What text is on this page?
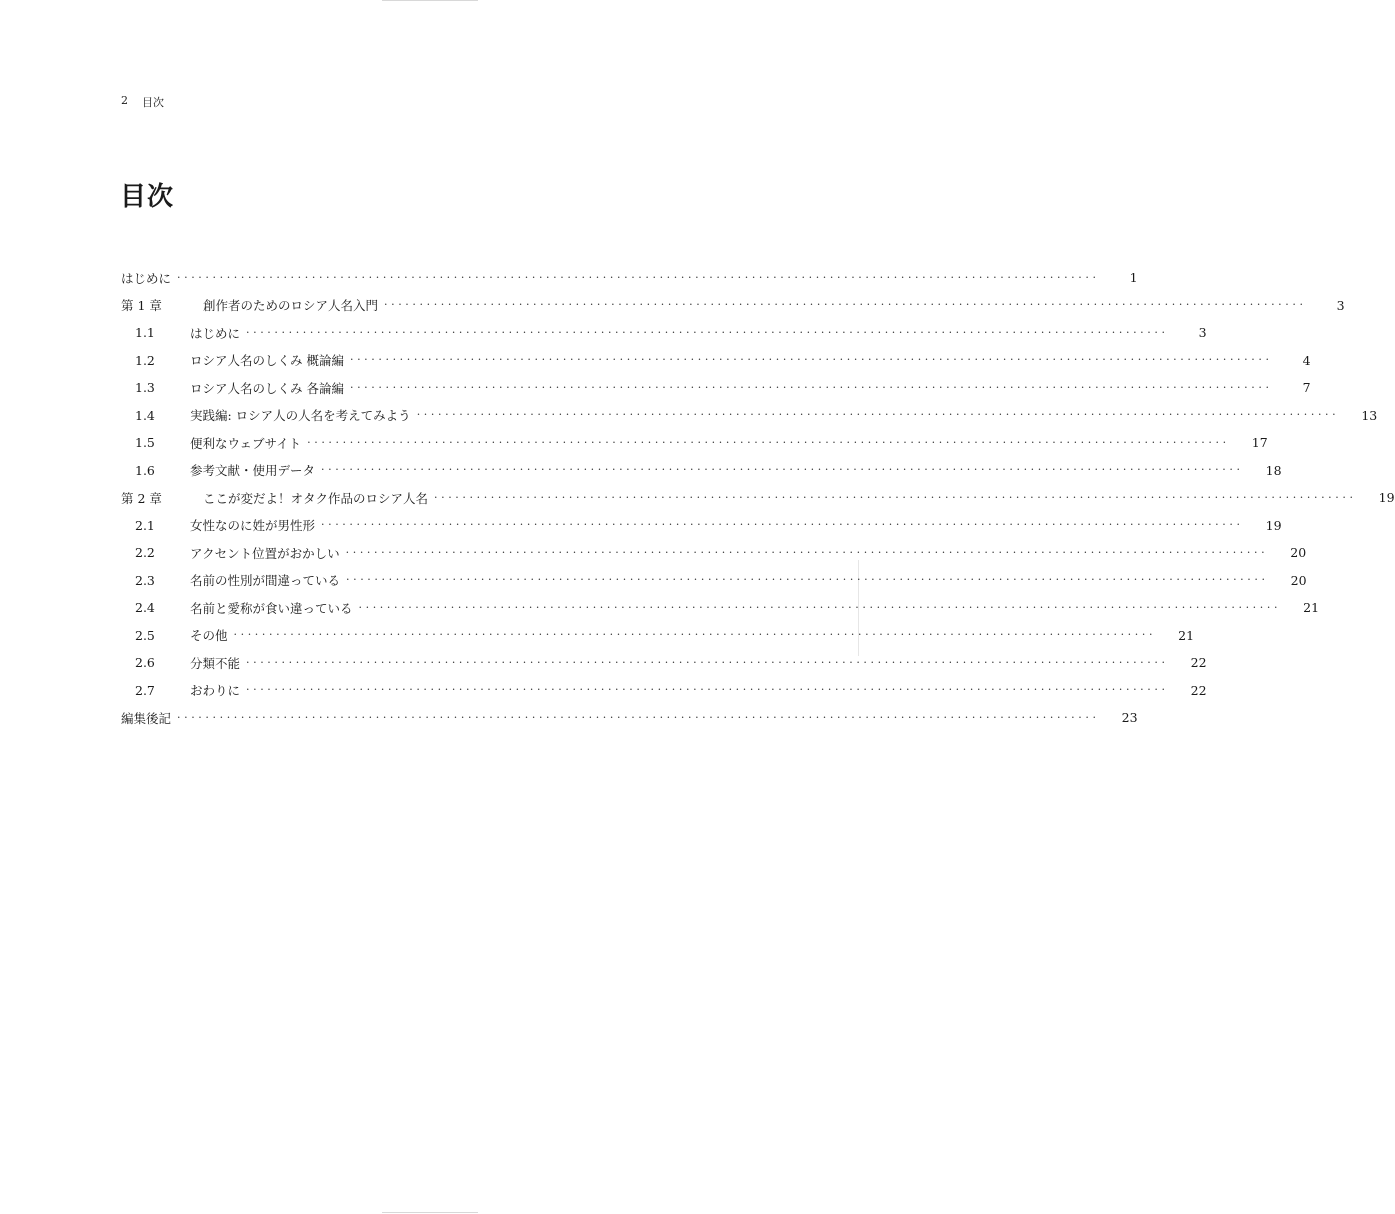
2 目次
目次
はじめに ··································································································································	1
第 1 章	創作者のためのロシア人名入門 ··································································································································	3
1.1	はじめに ··································································································································	3
1.2	ロシア人名のしくみ 概論編 ··································································································································	4
1.3	ロシア人名のしくみ 各論編 ··································································································································	7
1.4	実践編: ロシア人の人名を考えてみよう ··································································································································	13
1.5	便利なウェブサイト ··································································································································	17
1.6	参考文献・使用データ ··································································································································	18
第 2 章	ここが変だよ！オタク作品のロシア人名 ··································································································································	19
2.1	女性なのに姓が男性形 ··································································································································	19
2.2	アクセント位置がおかしい ··································································································································	20
2.3	名前の性別が間違っている ··································································································································	20
2.4	名前と愛称が食い違っている ··································································································································	21
2.5	その他 ··································································································································	21
2.6	分類不能 ··································································································································	22
2.7	おわりに ··································································································································	22
編集後記 ··································································································································	23
